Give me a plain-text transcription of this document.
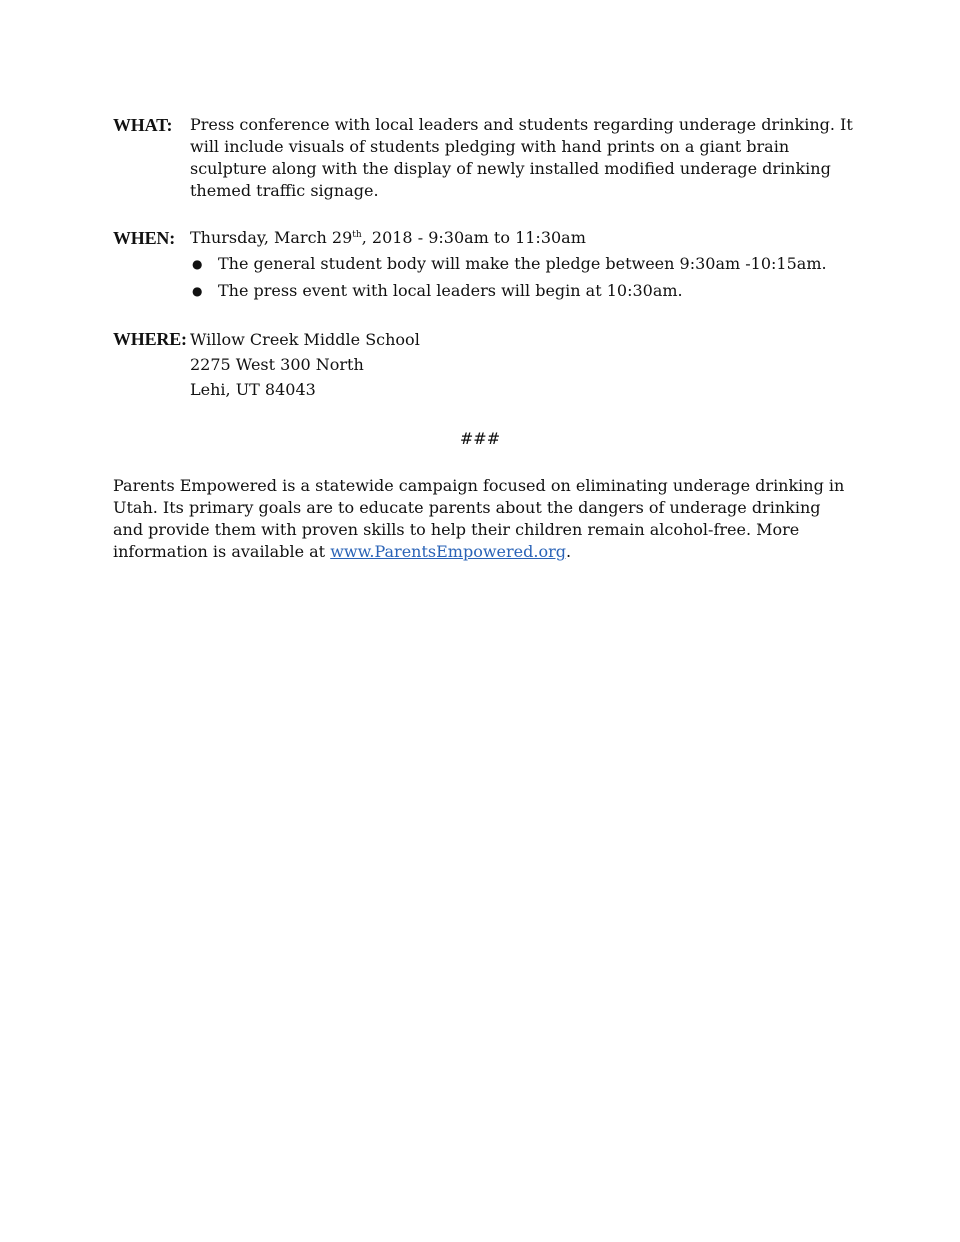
WHAT: Press conference with local leaders and students regarding underage drinking. It will include visuals of students pledging with hand prints on a giant brain sculpture along with the display of newly installed modified underage drinking themed traffic signage.
WHEN: Thursday, March 29th, 2018 - 9:30am to 11:30am
● The general student body will make the pledge between 9:30am -10:15am.
● The press event with local leaders will begin at 10:30am.
WHERE: Willow Creek Middle School
2275 West 300 North
Lehi, UT 84043
###
Parents Empowered is a statewide campaign focused on eliminating underage drinking in Utah. Its primary goals are to educate parents about the dangers of underage drinking and provide them with proven skills to help their children remain alcohol-free. More information is available at www.ParentsEmpowered.org.
